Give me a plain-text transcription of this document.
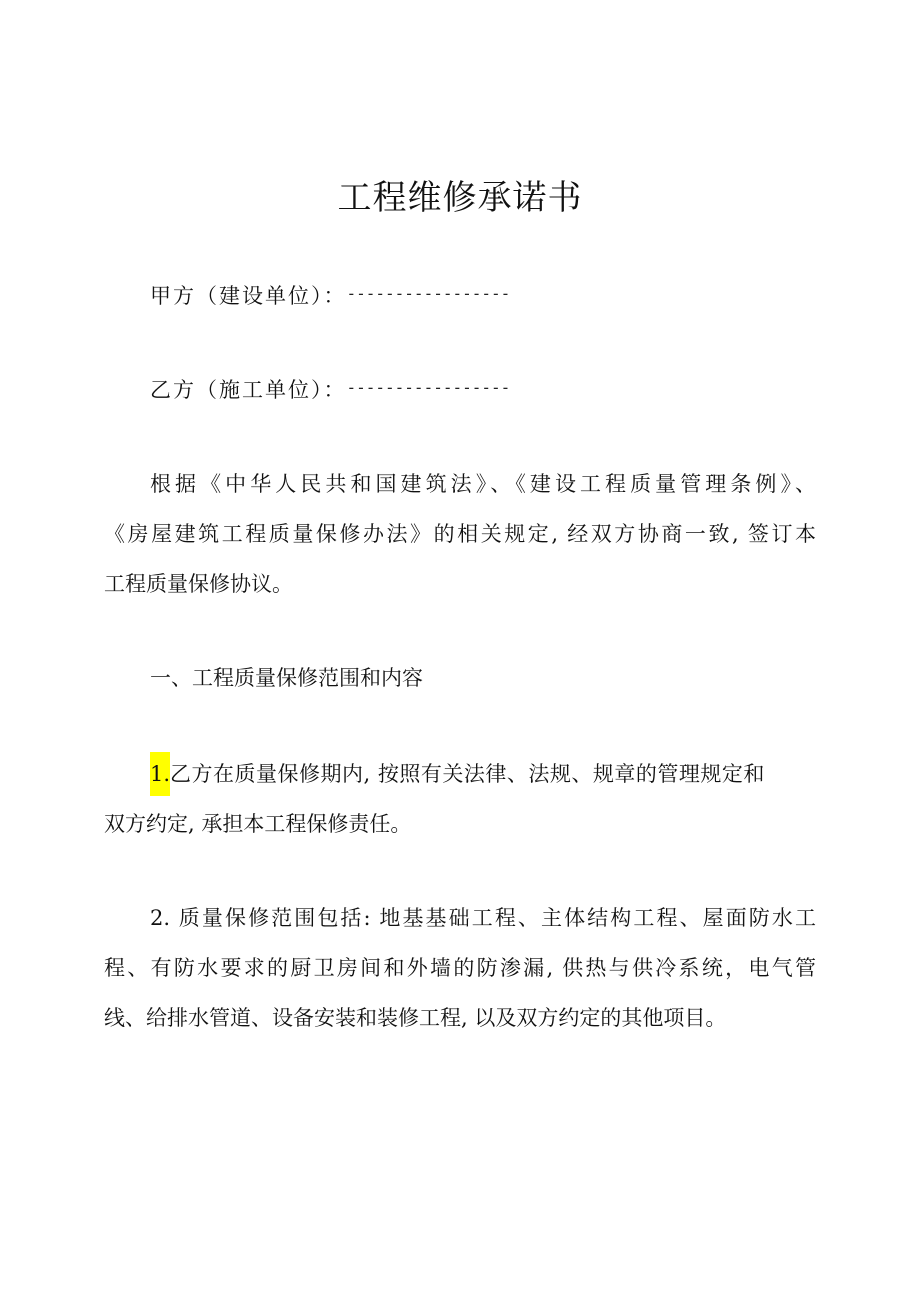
工程维修承诺书
甲方（建设单位）：-----------------
乙方（施工单位）：-----------------
根据《中华人民共和国建筑法》、《建设工程质量管理条例》、
《房屋建筑工程质量保修办法》的相关规定, 经双方协商一致, 签订本
工程质量保修协议。
一、工程质量保修范围和内容
1.乙方在质量保修期内, 按照有关法律、法规、规章的管理规定和
双方约定, 承担本工程保修责任。
2. 质量保修范围包括: 地基基础工程、主体结构工程、屋面防水工
程、有防水要求的厨卫房间和外墙的防渗漏, 供热与供冷系统，电气管
线、给排水管道、设备安装和装修工程, 以及双方约定的其他项目。
